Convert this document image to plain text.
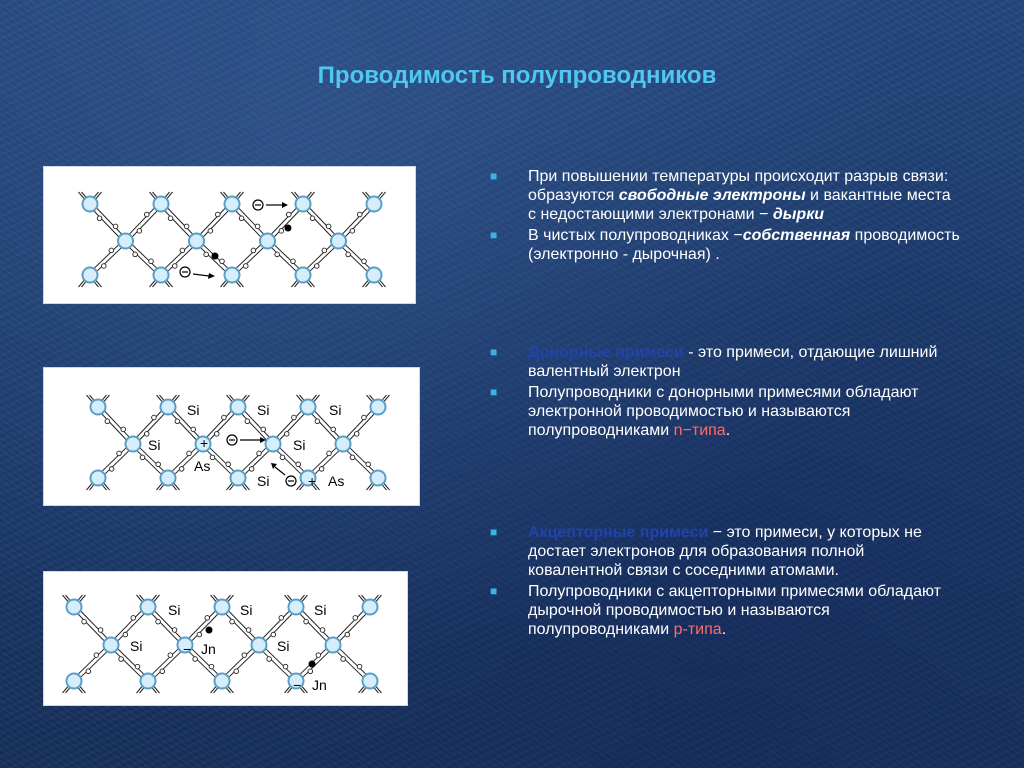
Проводимость полупроводников
Si	Si	Si
Si	Si
Si
As
As
+
+
Si	Si	Si
Si	Si
Jn
Jn
−
−
■ При повышении температуры происходит разрыв связи: образуются свободные электроны и вакантные места с недостающими электронами − дырки
■ В чистых полупроводниках −собственная проводимость (электронно - дырочная) .
■ Донорные примеси - это примеси, отдающие лишний валентный электрон
■ Полупроводники с донорными примесями обладают электронной проводимостью и называются полупроводниками n−типа.
■ Акцепторные примеси − это примеси, у которых не достает электронов для образования полной ковалентной связи с соседними атомами.
■ Полупроводники с акцепторными примесями обладают дырочной проводимостью и называются полупроводниками p-типа.
